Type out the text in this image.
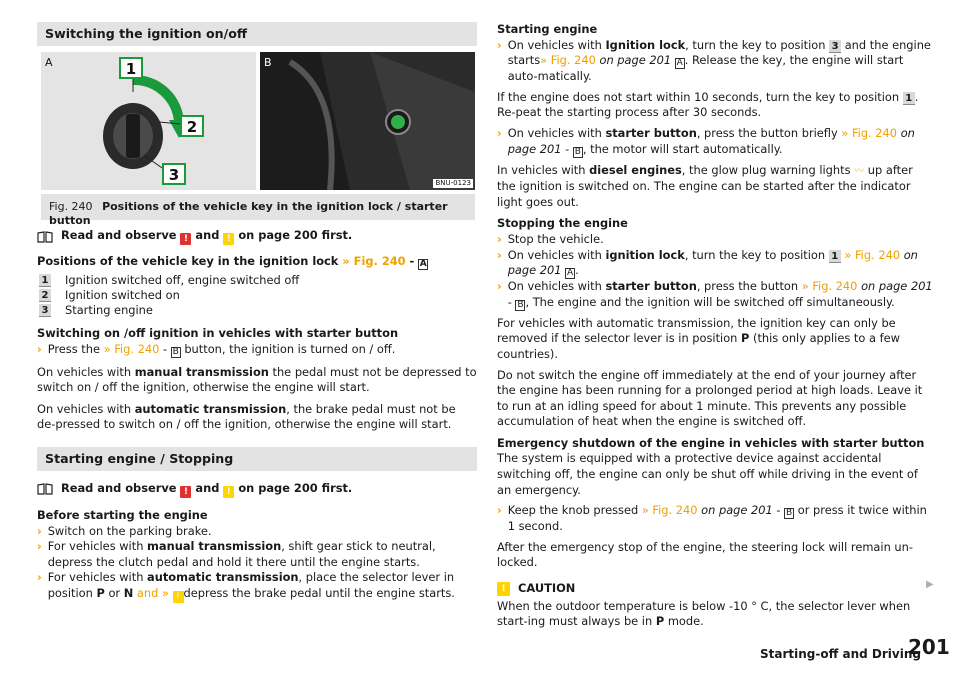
Switching the ignition on/off
A	1
2
3
B
BNU-0123
Fig. 240 Positions of the vehicle key in the ignition lock / starter button
Read and observe ! and ! on page 200 first.

Positions of the vehicle key in the ignition lock » Fig. 240 - A

1 Ignition switched off, engine switched off
2 Ignition switched on
3 Starting engine

Switching on /off ignition in vehicles with starter button

› Press the » Fig. 240 - B button, the ignition is turned on / off.

On vehicles with manual transmission the pedal must not be depressed to switch on / off the ignition, otherwise the engine will start.

On vehicles with automatic transmission, the brake pedal must not be de-pressed to switch on / off the ignition, otherwise the engine will start.

Starting engine / Stopping
Read and observe ! and ! on page 200 first.

Before starting the engine

› Switch on the parking brake.
› For vehicles with manual transmission, shift gear stick to neutral, depress the clutch pedal and hold it there until the engine starts.
› For vehicles with automatic transmission, place the selector lever in position P or N and » ! depress the brake pedal until the engine starts.

Starting engine

› On vehicles with Ignition lock, turn the key to position 3 and the engine starts» Fig. 240 on page 201 A . Release the key, the engine will start auto-matically.

If the engine does not start within 10 seconds, turn the key to position 1 . Re-peat the starting process after 30 seconds.

› On vehicles with starter button, press the button briefly » Fig. 240 on page 201 - B , the motor will start automatically.

In vehicles with diesel engines, the glow plug warning lights 〰 up after the ignition is switched on. The engine can be started after the indicator light goes out.

Stopping the engine

› Stop the vehicle.
› On vehicles with ignition lock, turn the key to position 1 » Fig. 240 on page 201 A .
› On vehicles with starter button, press the button » Fig. 240 on page 201 - B , The engine and the ignition will be switched off simultaneously.

For vehicles with automatic transmission, the ignition key can only be removed if the selector lever is in position P (this only applies to a few countries).

Do not switch the engine off immediately at the end of your journey after the engine has been running for a prolonged period at high loads. Leave it to run at an idling speed for about 1 minute. This prevents any possible accumulation of heat when the engine is switched off.

Emergency shutdown of the engine in vehicles with starter button

The system is equipped with a protective device against accidental switching off, the engine can only be shut off while driving in the event of an emergency.

› Keep the knob pressed » Fig. 240 on page 201 - B or press it twice within 1 second.

After the emergency stop of the engine, the steering lock will remain un-locked.

!	CAUTION

When the outdoor temperature is below -10 ° C, the selector lever when start-ing must always be in P mode.

▶
Starting-off and Driving
201
